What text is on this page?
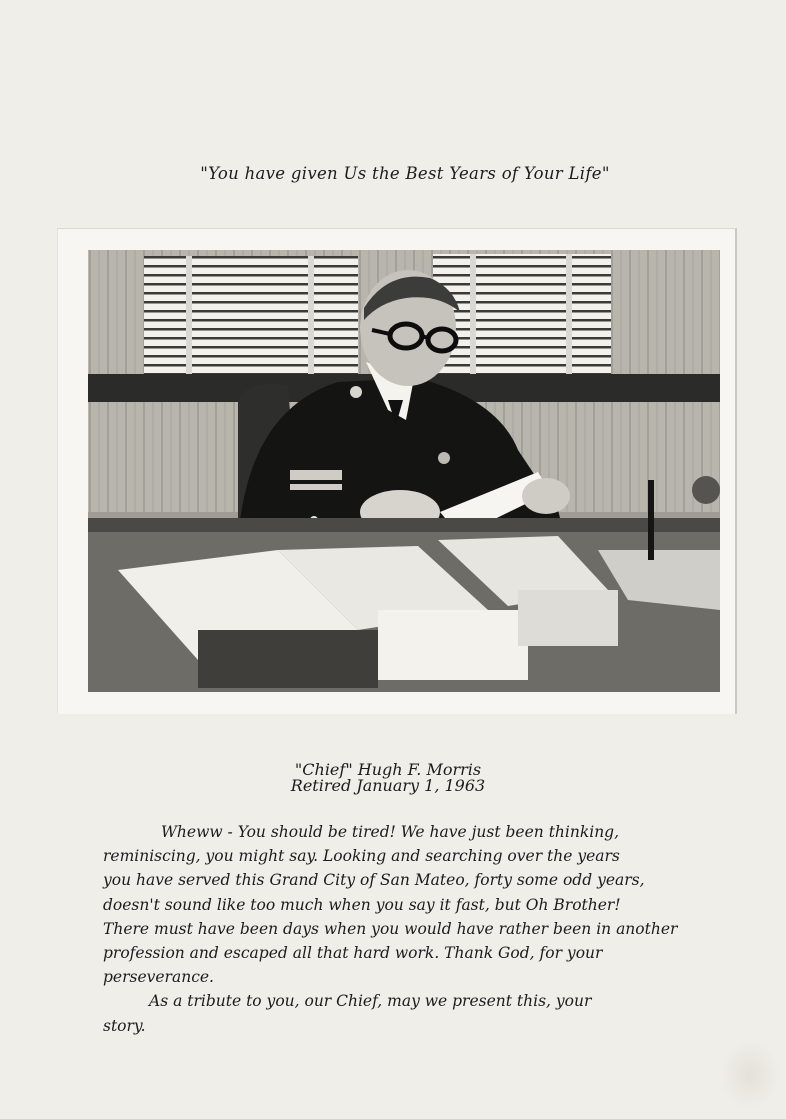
"You have given Us the Best Years of Your Life"
"Chief" Hugh F. Morris
Retired January 1, 1963
Wheww - You should be tired! We have just been thinking,
reminiscing, you might say. Looking and searching over the years
you have served this Grand City of San Mateo, forty some odd years,
doesn't sound like too much when you say it fast, but Oh Brother!
There must have been days when you would have rather been in another
profession and escaped all that hard work. Thank God, for your
perseverance.
As a tribute to you, our Chief, may we present this, your
story.
